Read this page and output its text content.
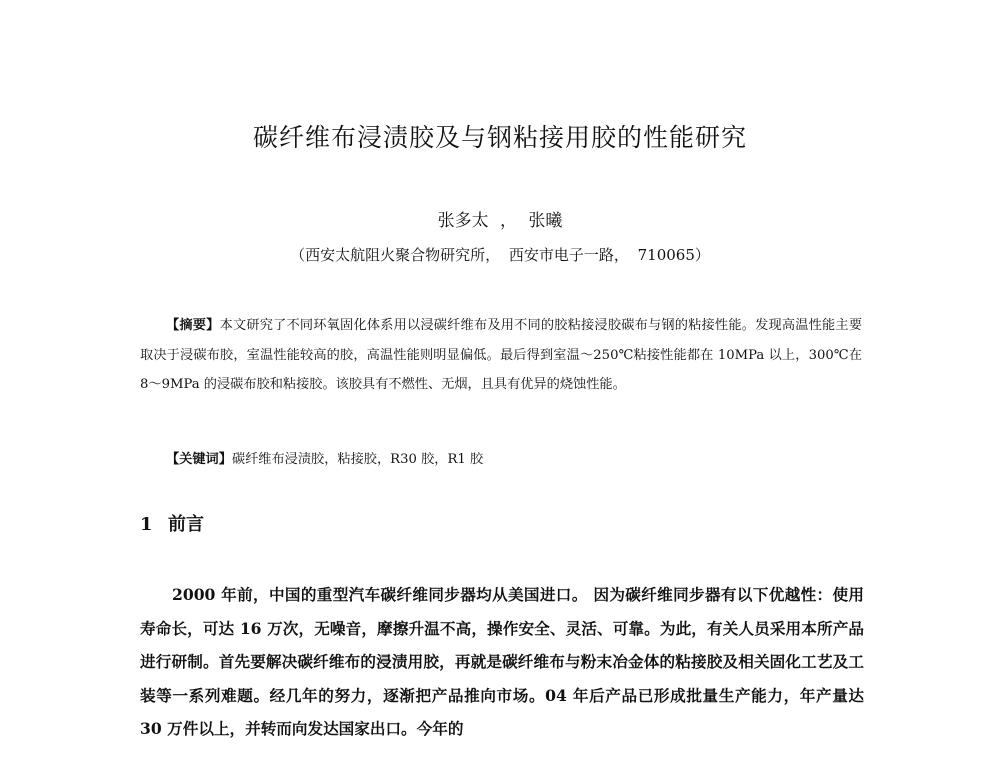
碳纤维布浸渍胶及与钢粘接用胶的性能研究

张多太 ， 张曦

（西安太航阻火聚合物研究所， 西安市电子一路， 710065）

【摘要】本文研究了不同环氧固化体系用以浸碳纤维布及用不同的胶粘接浸胶碳布与钢的粘接性能。发现高温性能主要取决于浸碳布胶，室温性能较高的胶，高温性能则明显偏低。最后得到室温～250℃粘接性能都在 10MPa 以上，300℃在 8～9MPa 的浸碳布胶和粘接胶。该胶具有不燃性、无烟，且具有优异的烧蚀性能。

【关键词】碳纤维布浸渍胶，粘接胶，R30 胶，R1 胶

1 前言

2000 年前，中国的重型汽车碳纤维同步器均从美国进口。 因为碳纤维同步器有以下优越性：使用寿命长，可达 16 万次，无噪音，摩擦升温不高，操作安全、灵活、可靠。为此，有关人员采用本所产品进行研制。首先要解决碳纤维布的浸渍用胶，再就是碳纤维布与粉末冶金体的粘接胶及相关固化工艺及工装等一系列难题。经几年的努力，逐渐把产品推向市场。04 年后产品已形成批量生产能力，年产量达 30 万件以上，并转而向发达国家出口。今年的
